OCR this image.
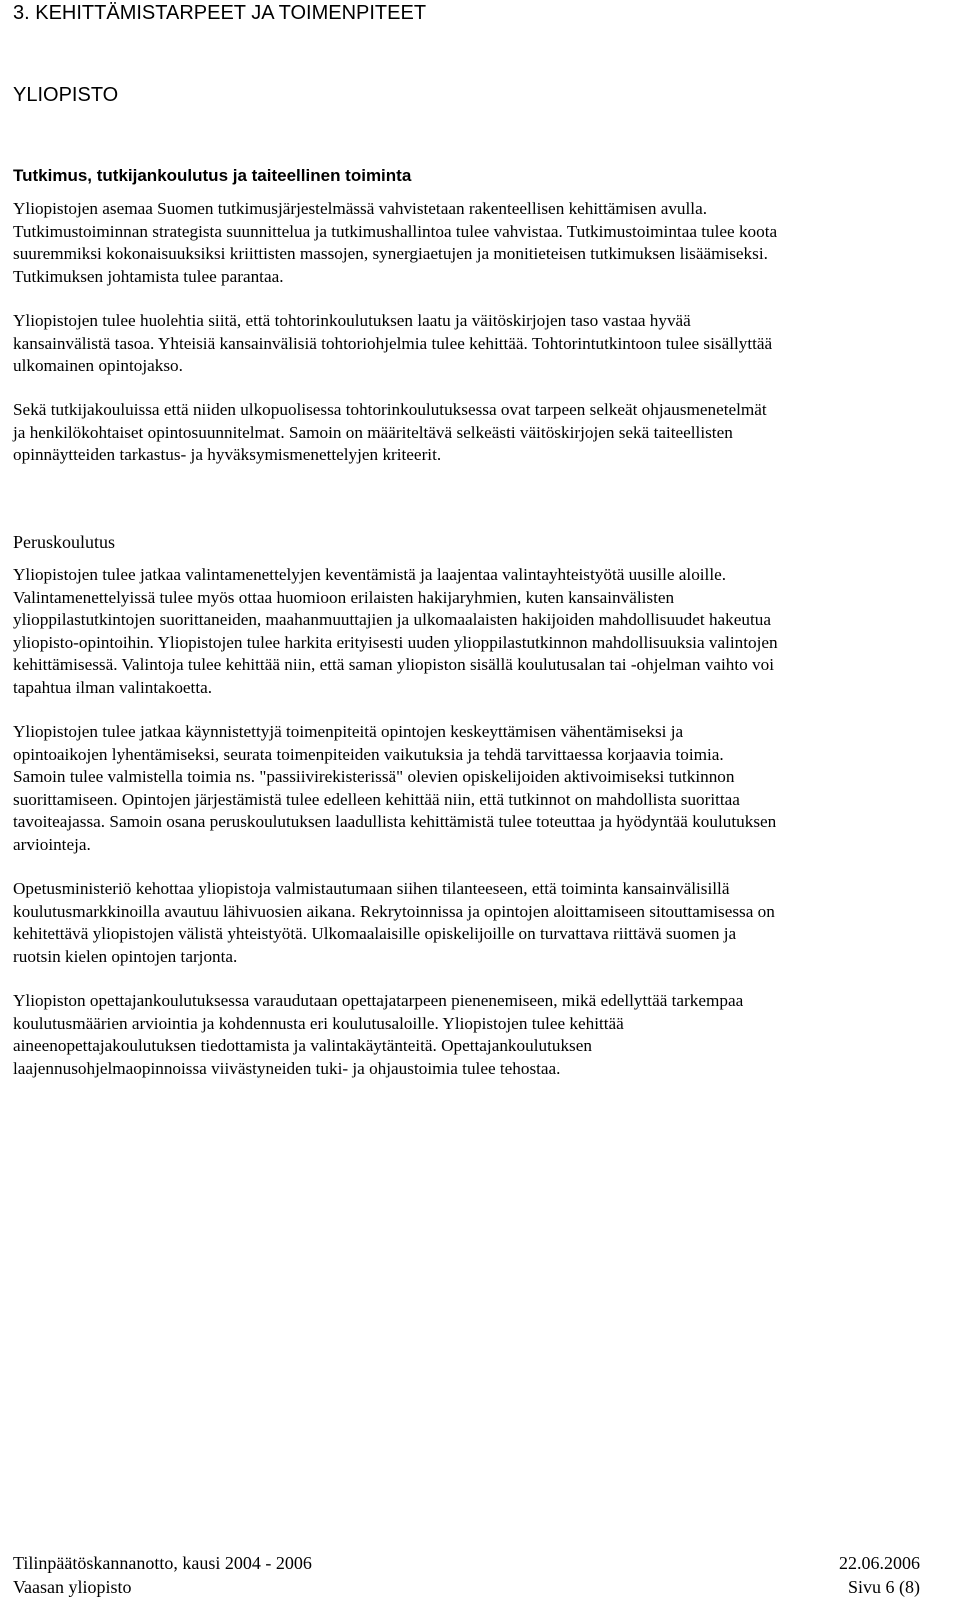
3. KEHITTÄMISTARPEET JA TOIMENPITEET
YLIOPISTO
Tutkimus, tutkijankoulutus ja taiteellinen toiminta
Yliopistojen asemaa Suomen tutkimusjärjestelmässä vahvistetaan rakenteellisen kehittämisen avulla.
Tutkimustoiminnan strategista suunnittelua ja tutkimushallintoa tulee vahvistaa. Tutkimustoimintaa tulee koota
suuremmiksi kokonaisuuksiksi kriittisten massojen, synergiaetujen ja monitieteisen tutkimuksen lisäämiseksi.
Tutkimuksen johtamista tulee parantaa.
Yliopistojen tulee huolehtia siitä, että tohtorinkoulutuksen laatu ja väitöskirjojen taso vastaa hyvää
kansainvälistä tasoa. Yhteisiä kansainvälisiä tohtoriohjelmia tulee kehittää. Tohtorintutkintoon tulee sisällyttää
ulkomainen opintojakso.
Sekä tutkijakouluissa että niiden ulkopuolisessa tohtorinkoulutuksessa ovat tarpeen selkeät ohjausmenetelmät
ja henkilökohtaiset opintosuunnitelmat. Samoin on määriteltävä selkeästi väitöskirjojen sekä taiteellisten
opinnäytteiden tarkastus- ja hyväksymismenettelyjen kriteerit.
Peruskoulutus
Yliopistojen tulee jatkaa valintamenettelyjen keventämistä ja laajentaa valintayhteistyötä uusille aloille.
Valintamenettelyissä tulee myös ottaa huomioon erilaisten hakijaryhmien, kuten kansainvälisten
ylioppilastutkintojen suorittaneiden, maahanmuuttajien ja ulkomaalaisten hakijoiden mahdollisuudet hakeutua
yliopisto-opintoihin. Yliopistojen tulee harkita erityisesti uuden ylioppilastutkinnon mahdollisuuksia valintojen
kehittämisessä. Valintoja tulee kehittää niin, että saman yliopiston sisällä koulutusalan tai -ohjelman vaihto voi
tapahtua ilman valintakoetta.
Yliopistojen tulee jatkaa käynnistettyjä toimenpiteitä opintojen keskeyttämisen vähentämiseksi ja
opintoaikojen lyhentämiseksi, seurata toimenpiteiden vaikutuksia ja tehdä tarvittaessa korjaavia toimia.
Samoin tulee valmistella toimia ns. "passiivirekisterissä" olevien opiskelijoiden aktivoimiseksi tutkinnon
suorittamiseen. Opintojen järjestämistä tulee edelleen kehittää niin, että tutkinnot on mahdollista suorittaa
tavoiteajassa. Samoin osana peruskoulutuksen laadullista kehittämistä tulee toteuttaa ja hyödyntää koulutuksen
arviointeja.
Opetusministeriö kehottaa yliopistoja valmistautumaan siihen tilanteeseen, että toiminta kansainvälisillä
koulutusmarkkinoilla avautuu lähivuosien aikana. Rekrytoinnissa ja opintojen aloittamiseen sitouttamisessa on
kehitettävä yliopistojen välistä yhteistyötä. Ulkomaalaisille opiskelijoille on turvattava riittävä suomen ja
ruotsin kielen opintojen tarjonta.
Yliopiston opettajankoulutuksessa varaudutaan opettajatarpeen pienenemiseen, mikä edellyttää tarkempaa
koulutusmäärien arviointia ja kohdennusta eri koulutusaloille. Yliopistojen tulee kehittää
aineenopettajakoulutuksen tiedottamista ja valintakäytänteitä. Opettajankoulutuksen
laajennusohjelmaopinnoissa viivästyneiden tuki- ja ohjaustoimia tulee tehostaa.
Tilinpäätöskannanotto, kausi 2004 - 2006	22.06.2006
Vaasan yliopisto	Sivu 6 (8)
